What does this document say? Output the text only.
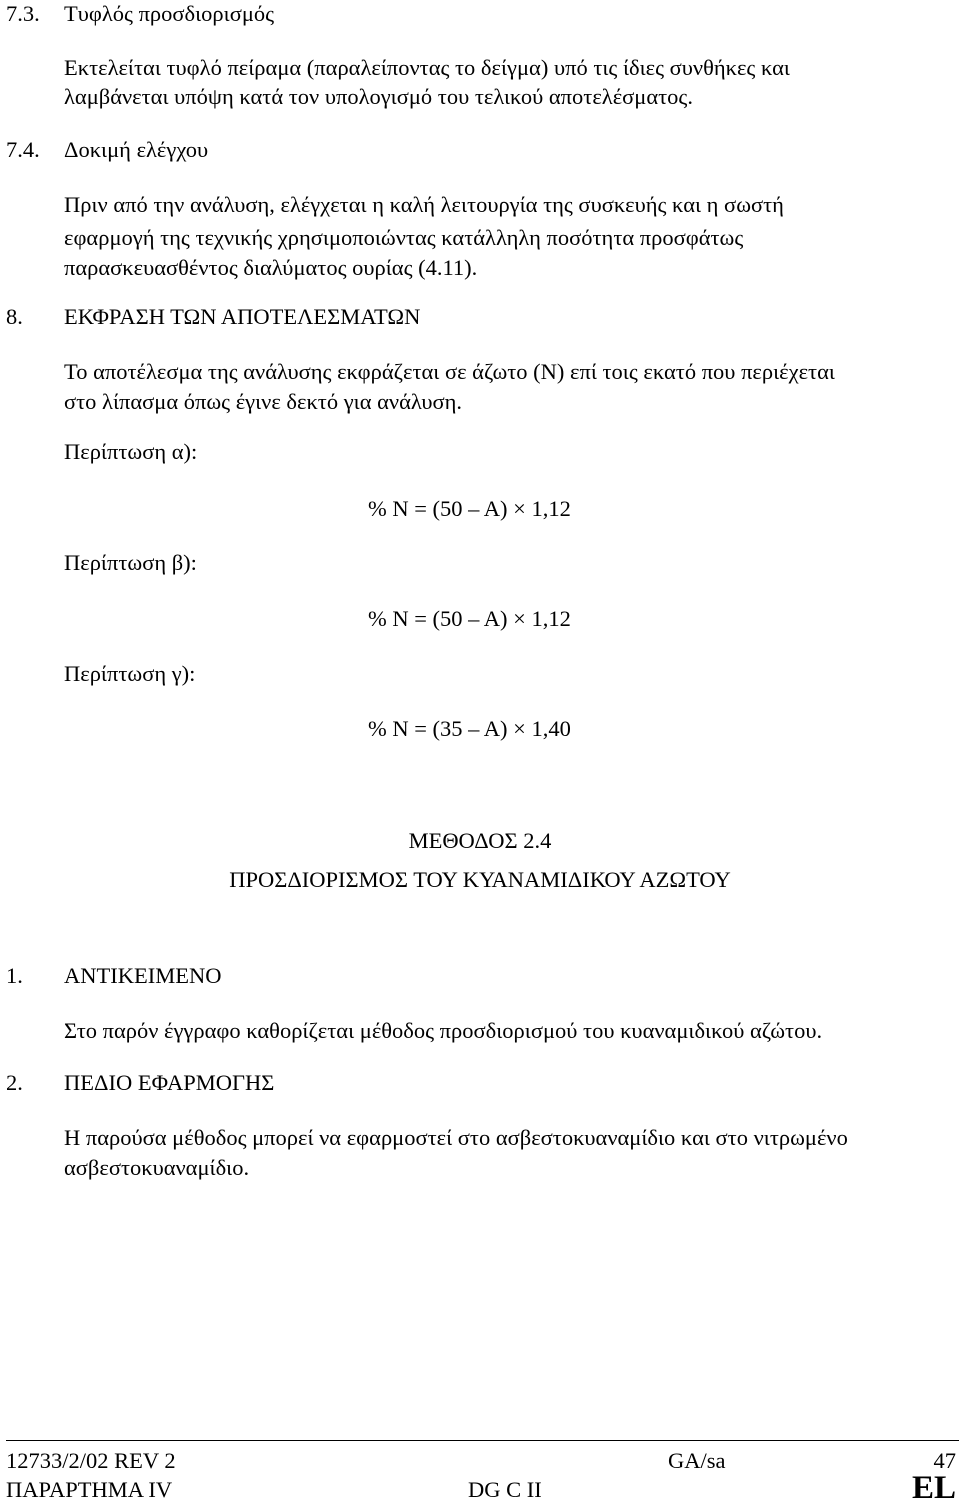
7.3. Τυφλός προσδιορισμός
Εκτελείται τυφλό πείραμα (παραλείποντας το δείγμα) υπό τις ίδιες συνθήκες και
λαμβάνεται υπόψη κατά τον υπολογισμό του τελικού αποτελέσματος.
7.4. Δοκιμή ελέγχου
Πριν από την ανάλυση, ελέγχεται η καλή λειτουργία της συσκευής και η σωστή
εφαρμογή της τεχνικής χρησιμοποιώντας κατάλληλη ποσότητα προσφάτως
παρασκευασθέντος διαλύματος ουρίας (4.11).
8. ΕΚΦΡΑΣΗ ΤΩΝ ΑΠΟΤΕΛΕΣΜΑΤΩΝ
Το αποτέλεσμα της ανάλυσης εκφράζεται σε άζωτο (Ν) επί τοις εκατό που περιέχεται
στο λίπασμα όπως έγινε δεκτό για ανάλυση.
Περίπτωση α):
% N = (50 – A) × 1,12
Περίπτωση β):
% N = (50 – A) × 1,12
Περίπτωση γ):
% N = (35 – A) × 1,40
ΜΕΘΟΔΟΣ 2.4
ΠΡΟΣΔΙΟΡΙΣΜΟΣ ΤΟΥ ΚΥΑΝΑΜΙΔΙΚΟΥ ΑΖΩΤΟΥ
1. ΑΝΤΙΚΕΙΜΕΝΟ
Στο παρόν έγγραφο καθορίζεται μέθοδος προσδιορισμού του κυαναμιδικού αζώτου.
2. ΠΕΔΙΟ ΕΦΑΡΜΟΓΗΣ
Η παρούσα μέθοδος μπορεί να εφαρμοστεί στο ασβεστοκυαναμίδιο και στο νιτρωμένο
ασβεστοκυαναμίδιο.
12733/2/02 REV 2	GA/sa	47
ΠΑΡΑΡΤΗΜΑ IV	DG C II	EL
